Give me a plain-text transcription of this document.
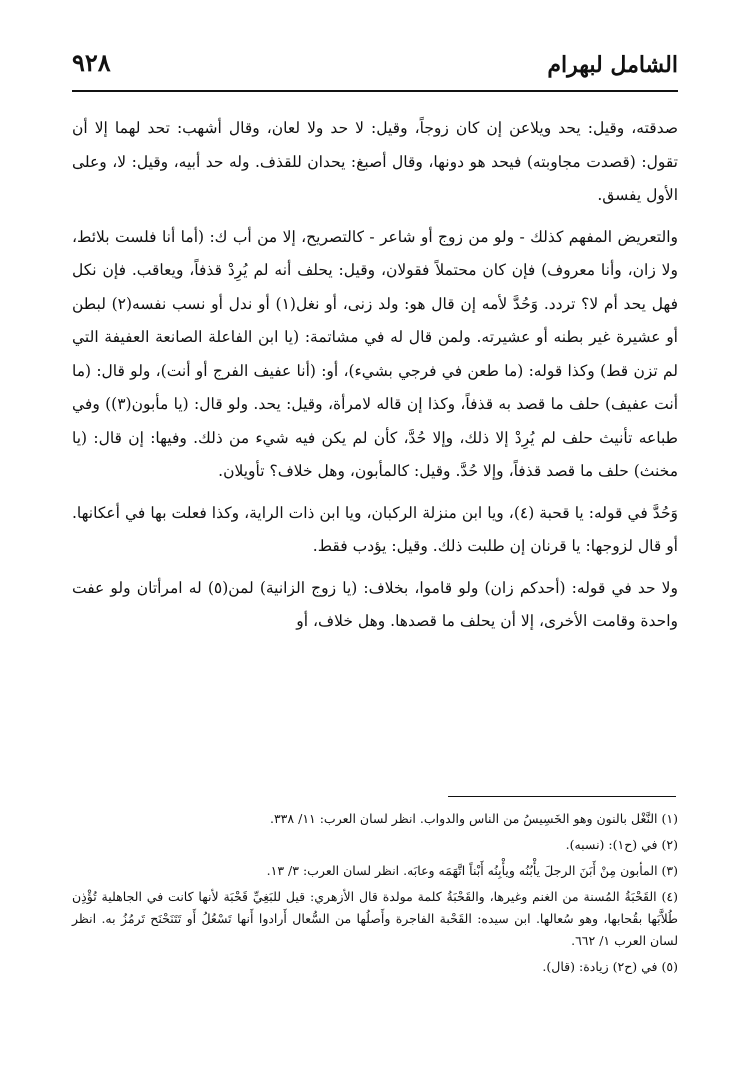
الشامل لبهرام
٩٢٨

صدقته، وقيل: يحد ويلاعن إن كان زوجاً، وقيل: لا حد ولا لعان، وقال أشهب: تحد لهما إلا أن تقول: (قصدت مجاوبته) فيحد هو دونها، وقال أصبغ: يحدان للقذف. وله حد أبيه، وقيل: لا، وعلى الأول يفسق.

والتعريض المفهم كذلك - ولو من زوج أو شاعر - كالتصريح، إلا من أب ك: (أما أنا فلست بلائط، ولا زان، وأنا معروف) فإن كان محتملاً فقولان، وقيل: يحلف أنه لم يُرِدْ قذفاً، ويعاقب. فإن نكل فهل يحد أم لا؟ تردد. وَحُدَّ لأمه إن قال هو: ولد زنى، أو نغل(١) أو ندل أو نسب نفسه(٢) لبطن أو عشيرة غير بطنه أو عشيرته. ولمن قال له في مشاتمة: (يا ابن الفاعلة الصانعة العفيفة التي لم تزن قط) وكذا قوله: (ما طعن في فرجي بشيء)، أو: (أنا عفيف الفرج أو أنت)، ولو قال: (ما أنت عفيف) حلف ما قصد به قذفاً، وكذا إن قاله لامرأة، وقيل: يحد. ولو قال: (يا مأبون(٣)) وفي طباعه تأنيث حلف لم يُرِدْ إلا ذلك، وإلا حُدَّ، كأن لم يكن فيه شيء من ذلك. وفيها: إن قال: (يا مخنث) حلف ما قصد قذفاً، وإلا حُدَّ. وقيل: كالمأبون، وهل خلاف؟ تأويلان.

وَحُدَّ في قوله: يا قحبة (٤)، ويا ابن منزلة الركبان، ويا ابن ذات الراية، وكذا فعلت بها في أعكانها. أو قال لزوجها: يا قرنان إن طلبت ذلك. وقيل: يؤدب فقط.

ولا حد في قوله: (أحدكم زان) ولو قاموا، بخلاف: (يا زوج الزانية) لمن(٥) له امرأتان ولو عفت واحدة وقامت الأخرى، إلا أن يحلف ما قصدها. وهل خلاف، أو

(١) النَّغْل بالنون وهو الخَسِيسُ من الناس والدواب. انظر لسان العرب: ١١/ ٣٣٨.

(٢) في (ح١): (نسبه).

(٣) المأبون مِنْ أَبَنَ الرجلَ يأْبُنُه ويأْبِنُه أَبْناً اتَّهَمَه وعابَه. انظر لسان العرب: ٣/ ١٣.

(٤) القَحْبَةُ المُسنة من الغنم وغيرها، والقَحْبَةُ كلمة مولدة قال الأزهري: قيل للبَغِيِّ قَحْبَة لأنها كانت في الجاهلية تُؤْذِن طُلاَّبَها بقُحابها، وهو سُعالها. ابن سيده: القَحْبة الفاجرة وأَصلُها من السُّعال أَرادوا أَنها تَسْعُلُ أَو تَتَنَحْنَح تَرمُزُ به. انظر لسان العرب ١/ ٦٦٢.

(٥) في (ح٢) زيادة: (قال).
